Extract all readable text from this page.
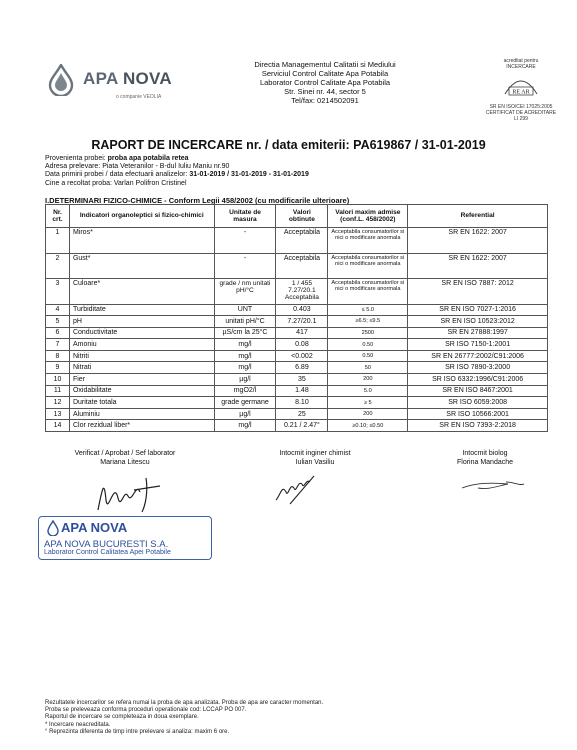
APA NOVA
o companie VEOLIA
Directia Managementul Calitatii si Mediului
Serviciul Control Calitate Apa Potabila
Laborator Control Calitate Apa Potabila
Str. Sinei nr. 44, sector 5
Tel/fax: 0214502091
acreditat pentru
INCERCARE
RE AR
SR EN ISO/CEI 17025:2005
CERTIFICAT DE ACREDITARE
LI 299
RAPORT DE INCERCARE nr. / data emiterii: PA619867 / 31-01-2019

Provenienta probei: proba apa potabila retea

Adresa prelevare: Piata Veteranilor - B-dul Iuliu Maniu nr.90

Data primirii probei / data efectuarii analizelor: 31-01-2019 / 31-01-2019 - 31-01-2019

Cine a recoltat proba: Varlan Polifron Cristinel

I.DETERMINARI FIZICO-CHIMICE - Conform Legii 458/2002 (cu modificarile ulterioare)
Nr. crt.	Indicatori organoleptici si fizico-chimici	Unitate de masura	Valori obtinute	Valori maxim admise (conf.L. 458/2002)	Referential
1	Miros*	-	Acceptabila	Acceptabila consumatorilor si nici o modificare anormala	SR EN 1622: 2007
2	Gust*	-	Acceptabila	Acceptabila consumatorilor si nici o modificare anormala	SR EN 1622: 2007
3	Culoare*	grade / nm unitati pH/°C	1 / 455 7.27/20.1 Acceptabila	Acceptabila consumatorilor si nici o modificare anormala	SR EN ISO 7887: 2012
4	Turbiditate	UNT	0.403	≤ 5.0	SR EN ISO 7027-1:2016
5	pH	unitati pH/°C	7.27/20.1	≥6.5; ≤9.5	SR EN ISO 10523:2012
6	Conductivitate	µS/cm la 25°C	417	2500	SR EN 27888:1997
7	Amoniu	mg/l	0.08	0.50	SR ISO 7150-1:2001
8	Nitriti	mg/l	<0.002	0.50	SR EN 26777:2002/C91:2006
9	Nitrati	mg/l	6.89	50	SR ISO 7890-3:2000
10	Fier	µg/l	35	200	SR ISO 6332:1996/C91:2006
11	Oxidabilitate	mgO2/l	1.48	5.0	SR EN ISO 8467:2001
12	Duritate totala	grade germane	8.10	≥ 5	SR ISO 6059:2008
13	Aluminiu	µg/l	25	200	SR ISO 10566:2001
14	Clor rezidual liber*	mg/l	0.21 / 2.47°	≥0.10; ≤0.50	SR EN ISO 7393-2:2018
Verificat / Aprobat / Sef laborator
Mariana Litescu
Intocmit inginer chimist
Iulian Vasiliu
Intocmit biolog
Florina Mandache
APA NOVA
APA NOVA BUCURESTI S.A.
Laborator Control Calitatea Apei Potabile

Rezultatele incercarilor se refera numai la proba de apa analizata. Proba de apa are caracter momentan.

Proba se preleveaza conforma proceduri operationale cod: LCCAP PO 007.

Raportul de incercare se completeaza in doua exemplare.

* Incercare neacreditata.

° Reprezinta diferenta de timp intre prelevare si analiza: maxim 6 ore.
